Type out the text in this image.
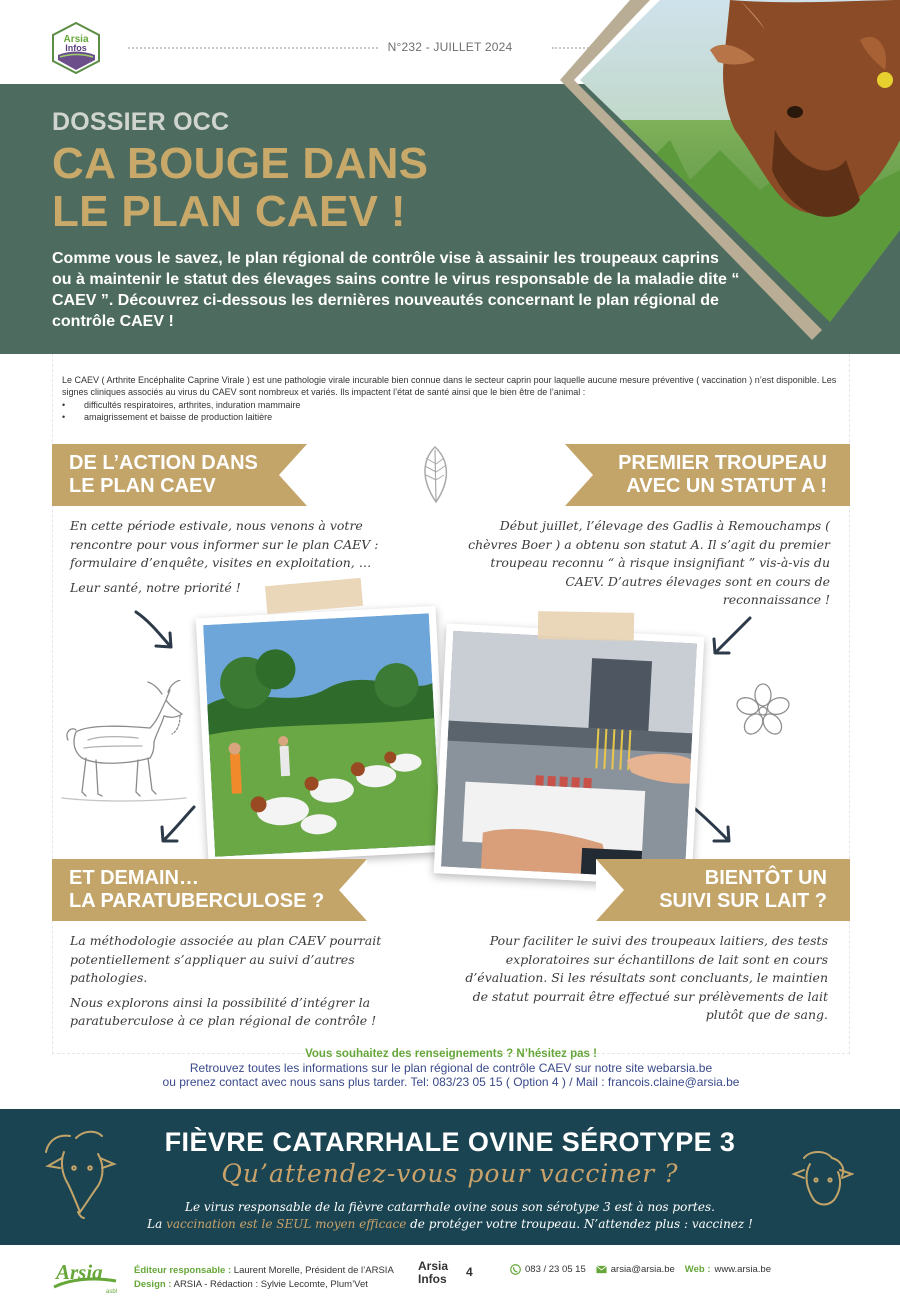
Arsia
Infos	N°232 - JUILLET 2024
DOSSIER OCC
CA BOUGE DANS
LE PLAN CAEV !
Comme vous le savez, le plan régional de contrôle vise à assainir les troupeaux caprins ou à maintenir le statut des élevages sains contre le virus responsable de la maladie dite “ CAEV ”. Découvrez ci-dessous les dernières nouveautés concernant le plan régional de contrôle CAEV !
Le CAEV ( Arthrite Encéphalite Caprine Virale ) est une pathologie virale incurable bien connue dans le secteur caprin pour laquelle aucune mesure préventive ( vaccination ) n’est disponible. Les signes cliniques associés au virus du CAEV sont nombreux et variés. Ils impactent l’état de santé ainsi que le bien être de l’animal :
• difficultés respiratoires, arthrites, induration mammaire
• amaigrissement et baisse de production laitière
DE L’ACTION DANS
LE PLAN CAEV
PREMIER TROUPEAU
AVEC UN STATUT A !

En cette période estivale, nous venons à votre rencontre pour vous informer sur le plan CAEV : formulaire d’enquête, visites en exploitation, …

Leur santé, notre priorité !

Début juillet, l’élevage des Gadlis à Remouchamps ( chèvres Boer ) a obtenu son statut A. Il s’agit du premier troupeau reconnu “ à risque insignifiant ” vis-à-vis du CAEV. D’autres élevages sont en cours de reconnaissance !

ET DEMAIN…
LA PARATUBERCULOSE ?
BIENTÔT UN
SUIVI SUR LAIT ?

La méthodologie associée au plan CAEV pourrait potentiellement s’appliquer au suivi d’autres pathologies.

Nous explorons ainsi la possibilité d’intégrer la paratuberculose à ce plan régional de contrôle !

Pour faciliter le suivi des troupeaux laitiers, des tests exploratoires sur échantillons de lait sont en cours d’évaluation. Si les résultats sont concluants, le maintien de statut pourrait être effectué sur prélèvements de lait plutôt que de sang.

Vous souhaitez des renseignements ? N’hésitez pas !
Retrouvez toutes les informations sur le plan régional de contrôle CAEV sur notre site webarsia.be
ou prenez contact avec nous sans plus tarder. Tel: 083/23 05 15 ( Option 4 ) / Mail : francois.claine@arsia.be
FIÈVRE CATARRHALE OVINE SÉROTYPE 3
Qu’attendez-vous pour vacciner ?
Le virus responsable de la fièvre catarrhale ovine sous son sérotype 3 est à nos portes.
La vaccination est le SEUL moyen efficace de protéger votre troupeau. N’attendez plus : vaccinez !
Arsia
asbl
Éditeur responsable : Laurent Morelle, Président de l’ARSIA
Design : ARSIA - Rédaction : Sylvie Lecomte, Plum’Vet
Arsia
Infos 4	083 / 23 05 15	arsia@arsia.be Web : www.arsia.be
